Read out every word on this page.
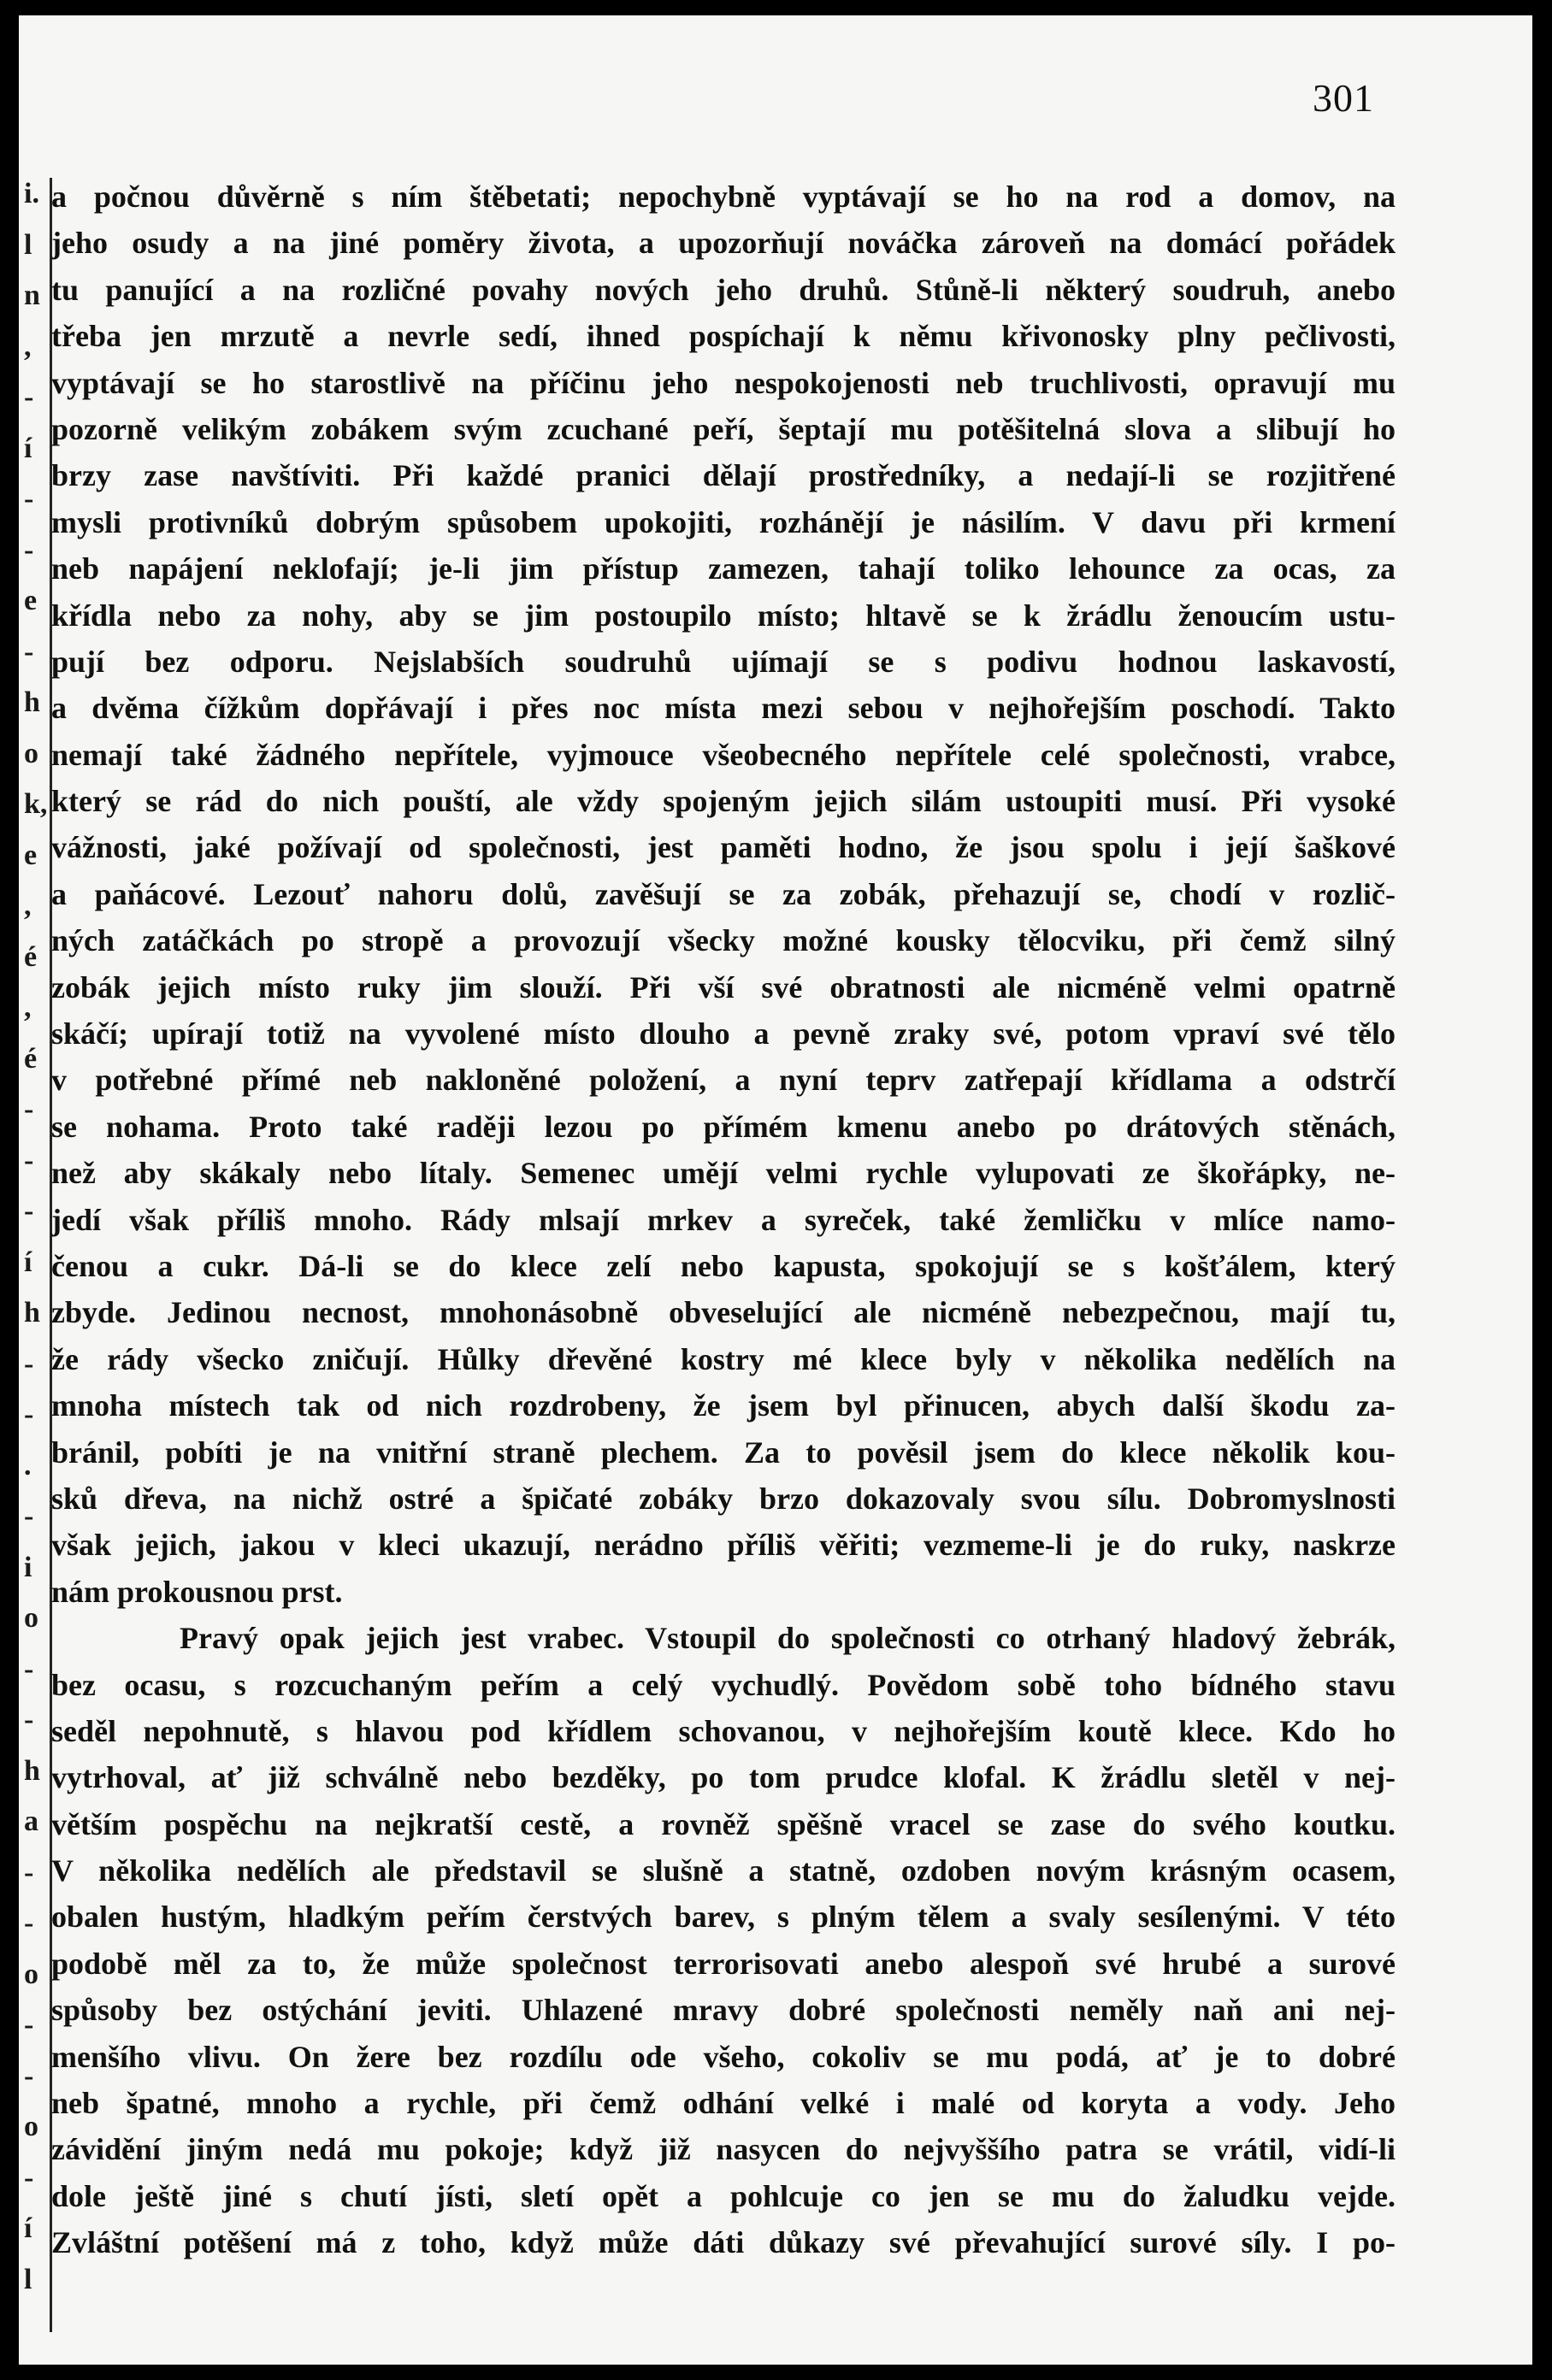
i.
l
n
,
-
í
-
-
e
-
h
o
k,
e
,
é
,
é
-
-
-
í
h
-
-
.
-
i
o
-
-
h
a
-
-
o
-
-
o
-
í
l
301
a počnou důvěrně s ním štěbetati; nepochybně vyptávají se ho na rod a domov, na
jeho osudy a na jiné poměry života, a upozorňují nováčka zároveň na domácí pořádek
tu panující a na rozličné povahy nových jeho druhů. Stůně-li některý soudruh, anebo
třeba jen mrzutě a nevrle sedí, ihned pospíchají k němu křivonosky plny pečlivosti,
vyptávají se ho starostlivě na příčinu jeho nespokojenosti neb truchlivosti, opravují mu
pozorně velikým zobákem svým zcuchané peří, šeptají mu potěšitelná slova a slibují ho
brzy zase navštíviti. Při každé pranici dělají prostředníky, a nedají-li se rozjitřené
mysli protivníků dobrým spůsobem upokojiti, rozhánějí je násilím. V davu při krmení
neb napájení neklofají; je-li jim přístup zamezen, tahají toliko lehounce za ocas, za
křídla nebo za nohy, aby se jim postoupilo místo; hltavě se k žrádlu ženoucím ustu-
pují bez odporu. Nejslabších soudruhů ujímají se s podivu hodnou laskavostí,
a dvěma čížkům dopřávají i přes noc místa mezi sebou v nejhořejším poschodí. Takto
nemají také žádného nepřítele, vyjmouce všeobecného nepřítele celé společnosti, vrabce,
který se rád do nich pouští, ale vždy spojeným jejich silám ustoupiti musí. Při vysoké
vážnosti, jaké požívají od společnosti, jest paměti hodno, že jsou spolu i její šaškové
a paňácové. Lezouť nahoru dolů, zavěšují se za zobák, přehazují se, chodí v rozlič-
ných zatáčkách po stropě a provozují všecky možné kousky tělocviku, při čemž silný
zobák jejich místo ruky jim slouží. Při vší své obratnosti ale nicméně velmi opatrně
skáčí; upírají totiž na vyvolené místo dlouho a pevně zraky své, potom vpraví své tělo
v potřebné přímé neb nakloněné položení, a nyní teprv zatřepají křídlama a odstrčí
se nohama. Proto také raději lezou po přímém kmenu anebo po drátových stěnách,
než aby skákaly nebo lítaly. Semenec umějí velmi rychle vylupovati ze škořápky, ne-
jedí však příliš mnoho. Rády mlsají mrkev a syreček, také žemličku v mlíce namo-
čenou a cukr. Dá-li se do klece zelí nebo kapusta, spokojují se s košťálem, který
zbyde. Jedinou necnost, mnohonásobně obveselující ale nicméně nebezpečnou, mají tu,
že rády všecko zničují. Hůlky dřevěné kostry mé klece byly v několika nedělích na
mnoha místech tak od nich rozdrobeny, že jsem byl přinucen, abych další škodu za-
bránil, pobíti je na vnitřní straně plechem. Za to pověsil jsem do klece několik kou-
sků dřeva, na nichž ostré a špičaté zobáky brzo dokazovaly svou sílu. Dobromyslnosti
však jejich, jakou v kleci ukazují, nerádno příliš věřiti; vezmeme-li je do ruky, naskrze
nám prokousnou prst.
Pravý opak jejich jest vrabec. Vstoupil do společnosti co otrhaný hladový žebrák,
bez ocasu, s rozcuchaným peřím a celý vychudlý. Povědom sobě toho bídného stavu
seděl nepohnutě, s hlavou pod křídlem schovanou, v nejhořejším koutě klece. Kdo ho
vytrhoval, ať již schválně nebo bezděky, po tom prudce klofal. K žrádlu sletěl v nej-
větším pospěchu na nejkratší cestě, a rovněž spěšně vracel se zase do svého koutku.
V několika nedělích ale představil se slušně a statně, ozdoben novým krásným ocasem,
obalen hustým, hladkým peřím čerstvých barev, s plným tělem a svaly sesílenými. V této
podobě měl za to, že může společnost terrorisovati anebo alespoň své hrubé a surové
spůsoby bez ostýchání jeviti. Uhlazené mravy dobré společnosti neměly naň ani nej-
menšího vlivu. On žere bez rozdílu ode všeho, cokoliv se mu podá, ať je to dobré
neb špatné, mnoho a rychle, při čemž odhání velké i malé od koryta a vody. Jeho
závidění jiným nedá mu pokoje; když již nasycen do nejvyššího patra se vrátil, vidí-li
dole ještě jiné s chutí jísti, sletí opět a pohlcuje co jen se mu do žaludku vejde.
Zvláštní potěšení má z toho, když může dáti důkazy své převahující surové síly. I po-
